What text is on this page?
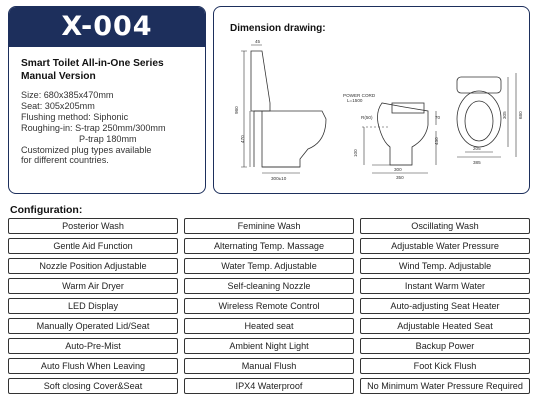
X-004
Smart Toilet All-in-One Series
Manual Version
Size: 680x385x470mm
Seat: 305x205mm
Flushing method: Siphonic
Roughing-in: S-trap 250mm/300mm
P-trap 180mm
Customized plug types available
for different countries.
45
980
470
300±10
POWER CORD
L=1500
R(50)
100
70
430
300
350
305 680
205
385
Dimension drawing:
Configuration:
Posterior Wash	Feminine Wash	Oscillating Wash
Gentle Aid Function	Alternating Temp. Massage	Adjustable Water Pressure
Nozzle Position Adjustable	Water Temp. Adjustable	Wind Temp. Adjustable
Warm Air Dryer	Self-cleaning Nozzle	Instant Warm Water
LED Display	Wireless Remote Control	Auto-adjusting Seat Heater
Manually Operated Lid/Seat	Heated seat	Adjustable Heated Seat
Auto-Pre-Mist	Ambient Night Light	Backup Power
Auto Flush When Leaving	Manual Flush	Foot Kick Flush
Soft closing Cover&Seat	IPX4 Waterproof	No Minimum Water Pressure Required
